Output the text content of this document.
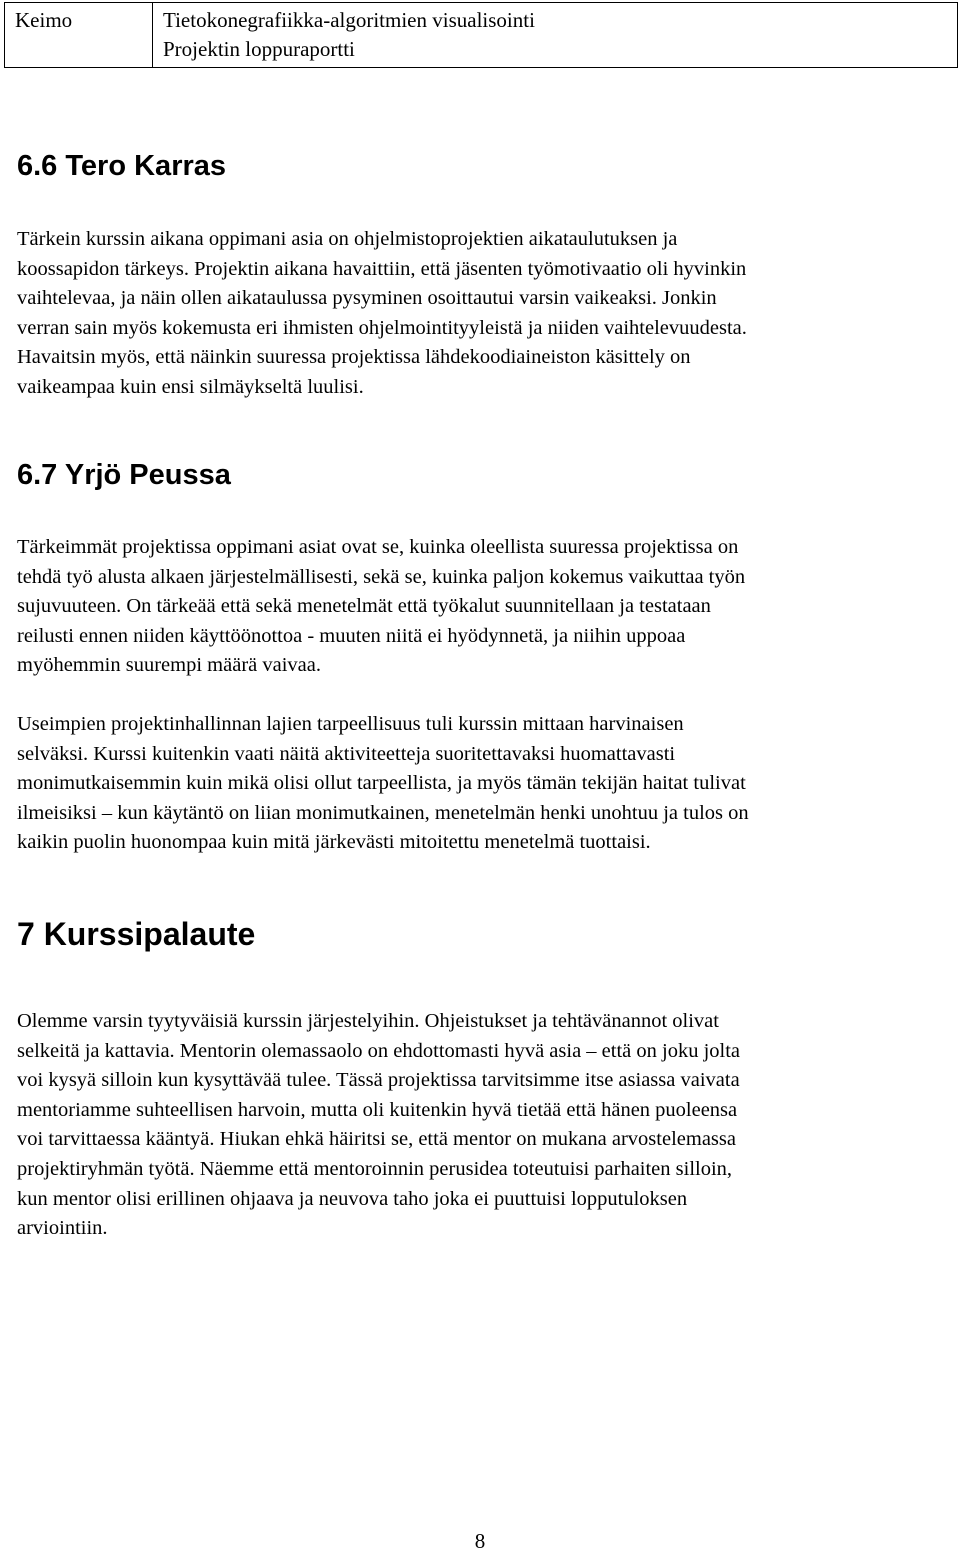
Keimo	Tietokonegrafiikka-algoritmien visualisointi
Projektin loppuraportti
6.6 Tero Karras
Tärkein kurssin aikana oppimani asia on ohjelmistoprojektien aikataulutuksen ja
koossapidon tärkeys. Projektin aikana havaittiin, että jäsenten työmotivaatio oli hyvinkin
vaihtelevaa, ja näin ollen aikataulussa pysyminen osoittautui varsin vaikeaksi. Jonkin
verran sain myös kokemusta eri ihmisten ohjelmointityyleistä ja niiden vaihtelevuudesta.
Havaitsin myös, että näinkin suuressa projektissa lähdekoodiaineiston käsittely on
vaikeampaa kuin ensi silmäykseltä luulisi.
6.7 Yrjö Peussa
Tärkeimmät projektissa oppimani asiat ovat se, kuinka oleellista suuressa projektissa on
tehdä työ alusta alkaen järjestelmällisesti, sekä se, kuinka paljon kokemus vaikuttaa työn
sujuvuuteen. On tärkeää että sekä menetelmät että työkalut suunnitellaan ja testataan
reilusti ennen niiden käyttöönottoa - muuten niitä ei hyödynnetä, ja niihin uppoaa
myöhemmin suurempi määrä vaivaa.
Useimpien projektinhallinnan lajien tarpeellisuus tuli kurssin mittaan harvinaisen
selväksi. Kurssi kuitenkin vaati näitä aktiviteetteja suoritettavaksi huomattavasti
monimutkaisemmin kuin mikä olisi ollut tarpeellista, ja myös tämän tekijän haitat tulivat
ilmeisiksi – kun käytäntö on liian monimutkainen, menetelmän henki unohtuu ja tulos on
kaikin puolin huonompaa kuin mitä järkevästi mitoitettu menetelmä tuottaisi.
7 Kurssipalaute
Olemme varsin tyytyväisiä kurssin järjestelyihin. Ohjeistukset ja tehtävänannot olivat
selkeitä ja kattavia. Mentorin olemassaolo on ehdottomasti hyvä asia – että on joku jolta
voi kysyä silloin kun kysyttävää tulee. Tässä projektissa tarvitsimme itse asiassa vaivata
mentoriamme suhteellisen harvoin, mutta oli kuitenkin hyvä tietää että hänen puoleensa
voi tarvittaessa kääntyä. Hiukan ehkä häiritsi se, että mentor on mukana arvostelemassa
projektiryhmän työtä. Näemme että mentoroinnin perusidea toteutuisi parhaiten silloin,
kun mentor olisi erillinen ohjaava ja neuvova taho joka ei puuttuisi lopputuloksen
arviointiin.
8
